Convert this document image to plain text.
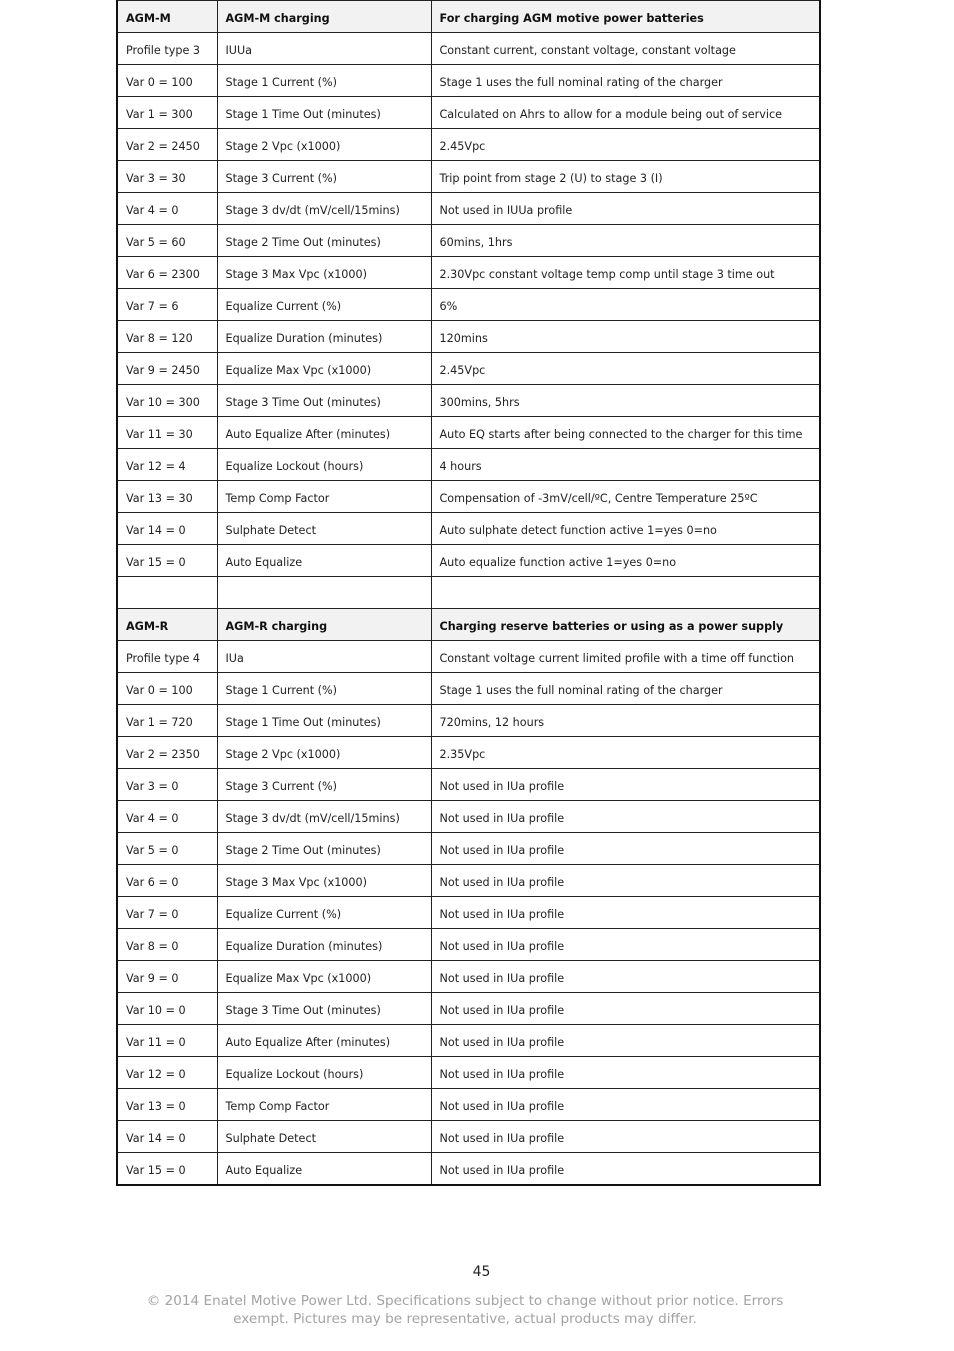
AGM-M	AGM-M charging	For charging AGM motive power batteries
Profile type 3	IUUa	Constant current, constant voltage, constant voltage
Var 0 = 100	Stage 1 Current (%)	Stage 1 uses the full nominal rating of the charger
Var 1 = 300	Stage 1 Time Out (minutes)	Calculated on Ahrs to allow for a module being out of service
Var 2 = 2450	Stage 2 Vpc (x1000)	2.45Vpc
Var 3 = 30	Stage 3 Current (%)	Trip point from stage 2 (U) to stage 3 (I)
Var 4 = 0	Stage 3 dv/dt (mV/cell/15mins)	Not used in IUUa profile
Var 5 = 60	Stage 2 Time Out (minutes)	60mins, 1hrs
Var 6 = 2300	Stage 3 Max Vpc (x1000)	2.30Vpc constant voltage temp comp until stage 3 time out
Var 7 = 6	Equalize Current (%)	6%
Var 8 = 120	Equalize Duration (minutes)	120mins
Var 9 = 2450	Equalize Max Vpc (x1000)	2.45Vpc
Var 10 = 300	Stage 3 Time Out (minutes)	300mins, 5hrs
Var 11 = 30	Auto Equalize After (minutes)	Auto EQ starts after being connected to the charger for this time
Var 12 = 4	Equalize Lockout (hours)	4 hours
Var 13 = 30	Temp Comp Factor	Compensation of -3mV/cell/ºC, Centre Temperature 25ºC
Var 14 = 0	Sulphate Detect	Auto sulphate detect function active 1=yes 0=no
Var 15 = 0	Auto Equalize	Auto equalize function active 1=yes 0=no

AGM-R	AGM-R charging	Charging reserve batteries or using as a power supply
Profile type 4	IUa	Constant voltage current limited profile with a time off function
Var 0 = 100	Stage 1 Current (%)	Stage 1 uses the full nominal rating of the charger
Var 1 = 720	Stage 1 Time Out (minutes)	720mins, 12 hours
Var 2 = 2350	Stage 2 Vpc (x1000)	2.35Vpc
Var 3 = 0	Stage 3 Current (%)	Not used in IUa profile
Var 4 = 0	Stage 3 dv/dt (mV/cell/15mins)	Not used in IUa profile
Var 5 = 0	Stage 2 Time Out (minutes)	Not used in IUa profile
Var 6 = 0	Stage 3 Max Vpc (x1000)	Not used in IUa profile
Var 7 = 0	Equalize Current (%)	Not used in IUa profile
Var 8 = 0	Equalize Duration (minutes)	Not used in IUa profile
Var 9 = 0	Equalize Max Vpc (x1000)	Not used in IUa profile
Var 10 = 0	Stage 3 Time Out (minutes)	Not used in IUa profile
Var 11 = 0	Auto Equalize After (minutes)	Not used in IUa profile
Var 12 = 0	Equalize Lockout (hours)	Not used in IUa profile
Var 13 = 0	Temp Comp Factor	Not used in IUa profile
Var 14 = 0	Sulphate Detect	Not used in IUa profile
Var 15 = 0	Auto Equalize	Not used in IUa profile
45
© 2014 Enatel Motive Power Ltd. Specifications subject to change without prior notice. Errors
exempt. Pictures may be representative, actual products may differ.
